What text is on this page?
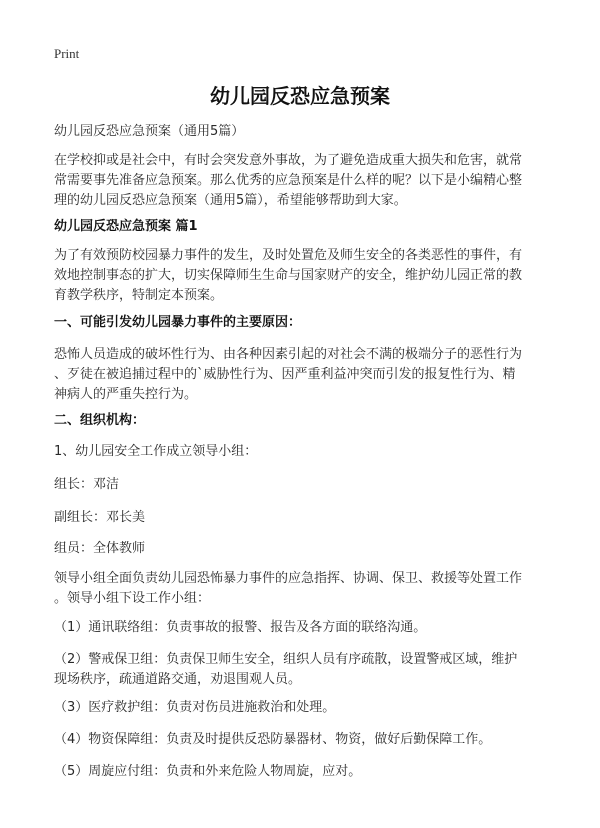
Print
幼儿园反恐应急预案

幼儿园反恐应急预案（通用5篇）

在学校抑或是社会中，有时会突发意外事故，为了避免造成重大损失和危害，就常
常需要事先准备应急预案。那么优秀的应急预案是什么样的呢？以下是小编精心整
理的幼儿园反恐应急预案（通用5篇），希望能够帮助到大家。

幼儿园反恐应急预案 篇1

为了有效预防校园暴力事件的发生，及时处置危及师生安全的各类恶性的事件，有
效地控制事态的扩大，切实保障师生生命与国家财产的安全，维护幼儿园正常的教
育教学秩序，特制定本预案。

一、可能引发幼儿园暴力事件的主要原因：

恐怖人员造成的破坏性行为、由各种因素引起的对社会不满的极端分子的恶性行为
、歹徒在被追捕过程中的`威胁性行为、因严重利益冲突而引发的报复性行为、精
神病人的严重失控行为。

二、组织机构：

1、幼儿园安全工作成立领导小组：

组长：邓洁

副组长：邓长美

组员：全体教师

领导小组全面负责幼儿园恐怖暴力事件的应急指挥、协调、保卫、救援等处置工作
。领导小组下设工作小组：

（1）通讯联络组：负责事故的报警、报告及各方面的联络沟通。

（2）警戒保卫组：负责保卫师生安全，组织人员有序疏散，设置警戒区域，维护
现场秩序，疏通道路交通，劝退围观人员。

（3）医疗救护组：负责对伤员进施救治和处理。

（4）物资保障组：负责及时提供反恐防暴器材、物资，做好后勤保障工作。

（5）周旋应付组：负责和外来危险人物周旋，应对。
